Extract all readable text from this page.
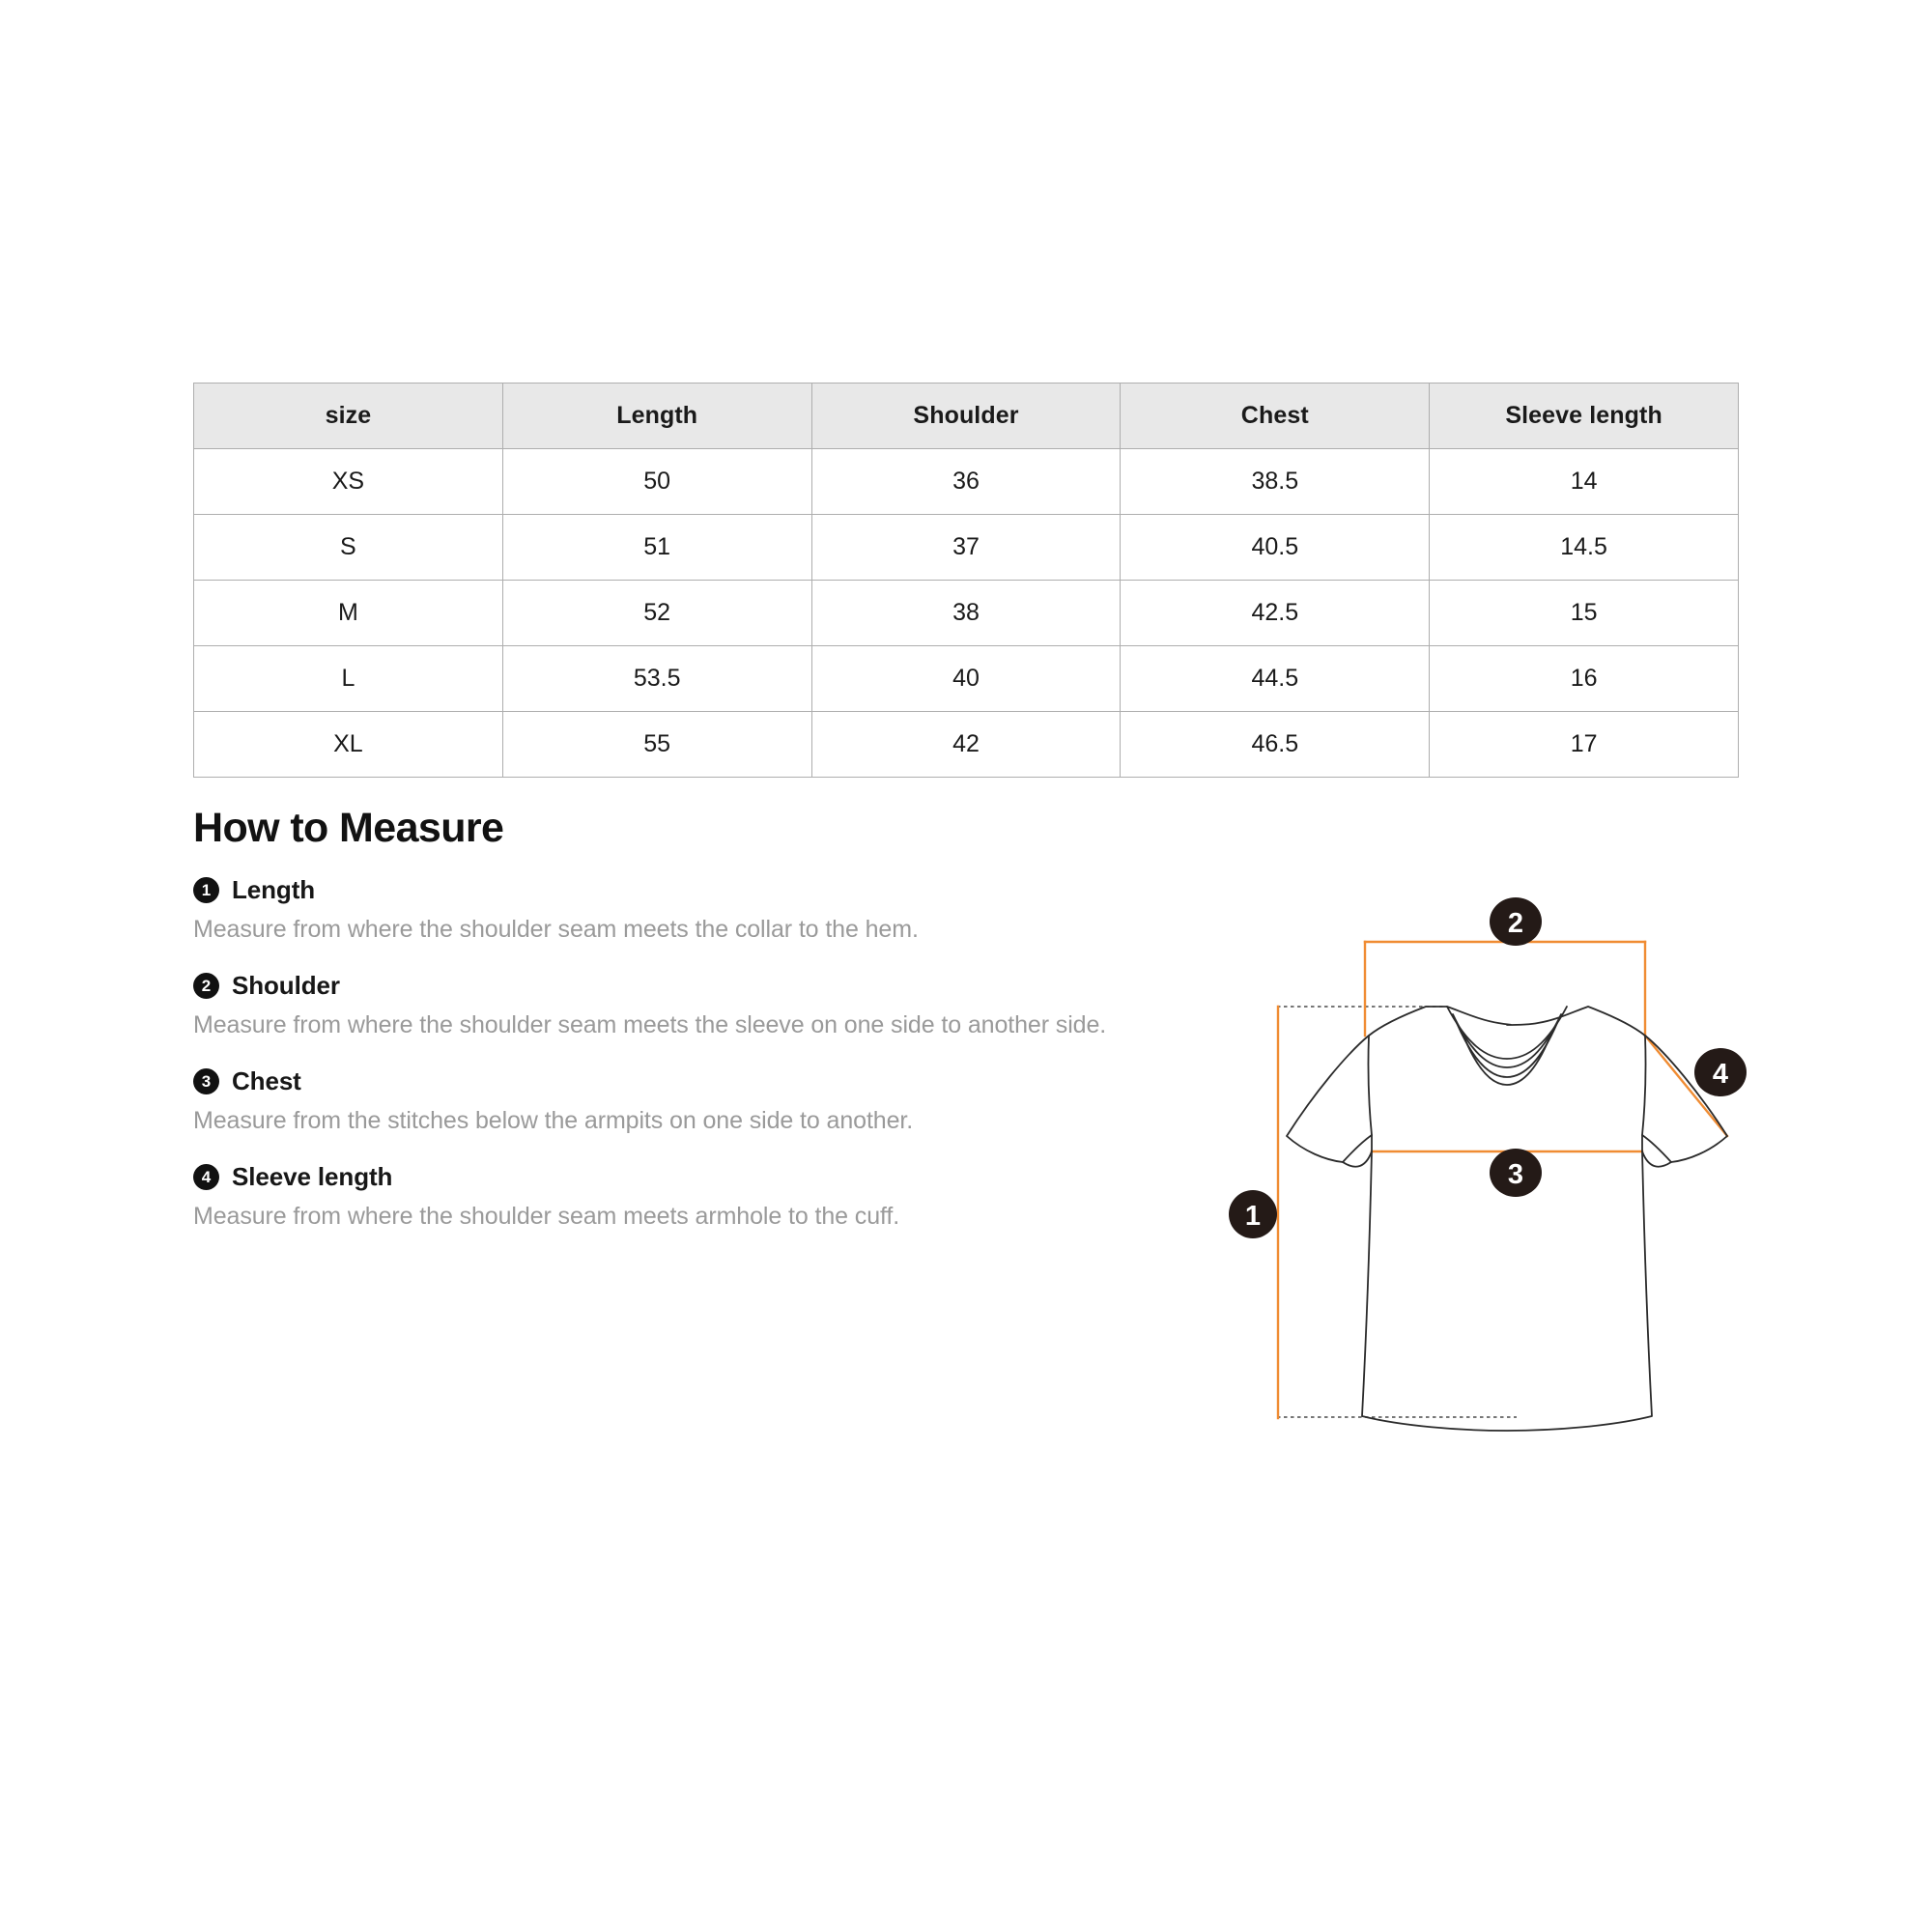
size	Length	Shoulder	Chest	Sleeve length
XS	50	36	38.5	14
S	51	37	40.5	14.5
M	52	38	42.5	15
L	53.5	40	44.5	16
XL	55	42	46.5	17
How to Measure
1 Length
Measure from where the shoulder seam meets the collar to the hem.
2 Shoulder
Measure from where the shoulder seam meets the sleeve on one side to another side.
3 Chest
Measure from the stitches below the armpits on one side to another.
4 Sleeve length
Measure from where the shoulder seam meets armhole to the cuff.	1
2
3
4
